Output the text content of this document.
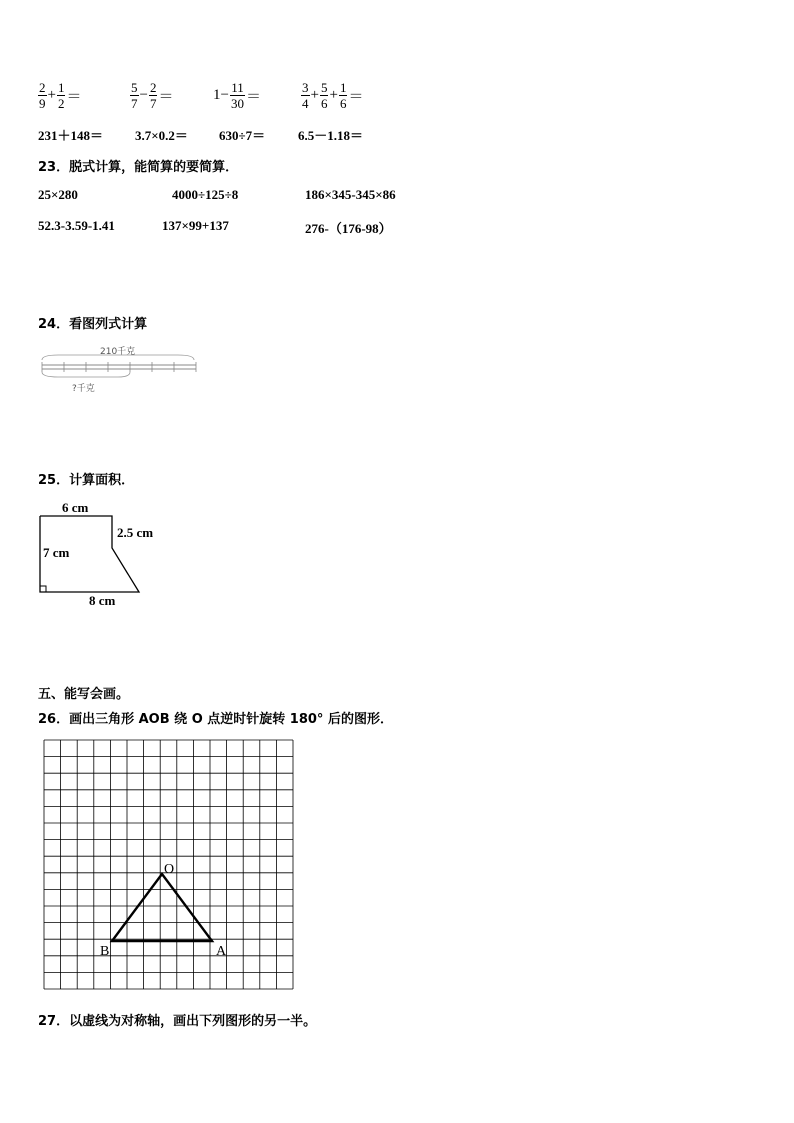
$\frac{2}{9} + \frac{1}{2}$ ＝	$\frac{5}{7} - \frac{2}{7}$ ＝	$1- \frac{11}{30}$ ＝	$\frac{3}{4} + \frac{5}{6} + \frac{1}{6}$ ＝
231＋148＝ 3.7×0.2＝ 630÷7＝	6.5－1.18＝
23．脱式计算，能简算的要简算．
25×280	4000÷125÷8	186×345-345×86
52.3-3.59-1.41	137×99+137	276-（176-98）
24．看图列式计算
210千克
?千克
25．计算面积．
6 cm
2.5 cm
7 cm
8 cm
五、能写会画。
26．画出三角形 AOB 绕 O 点逆时针旋转 180° 后的图形．
O
A
B
27．以虚线为对称轴，画出下列图形的另一半。
